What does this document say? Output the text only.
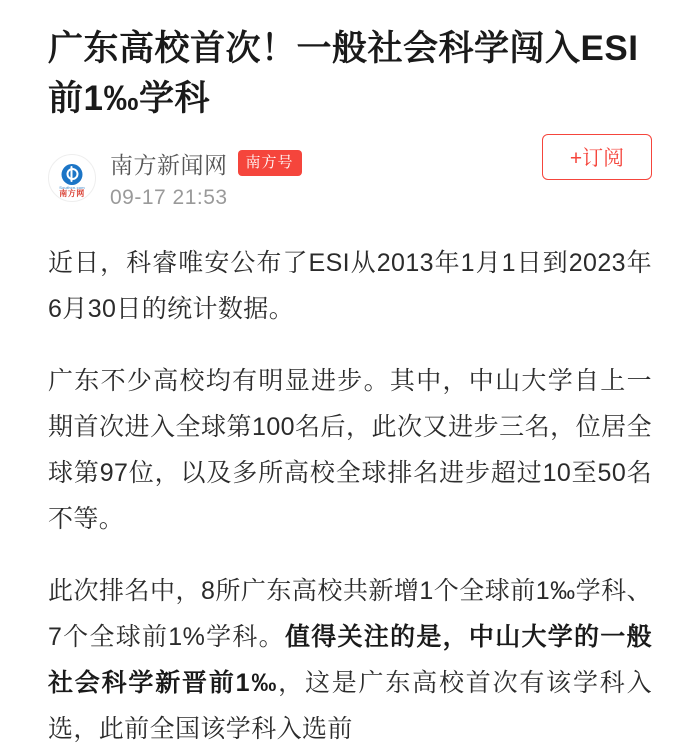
广东高校首次！一般社会科学闯入ESI前1‰学科
Southcn.com
南方网
南方新闻网	南方号
09-17 21:53
+订阅

近日，科睿唯安公布了ESI从2013年1月1日到2023年6月30日的统计数据。

广东不少高校均有明显进步。其中，中山大学自上一期首次进入全球第100名后，此次又进步三名，位居全球第97位，以及多所高校全球排名进步超过10至50名不等。

此次排名中，8所广东高校共新增1个全球前1‰学科、7个全球前1%学科。值得关注的是，中山大学的一般社会科学新晋前1‰，这是广东高校首次有该学科入选，此前全国该学科入选前
